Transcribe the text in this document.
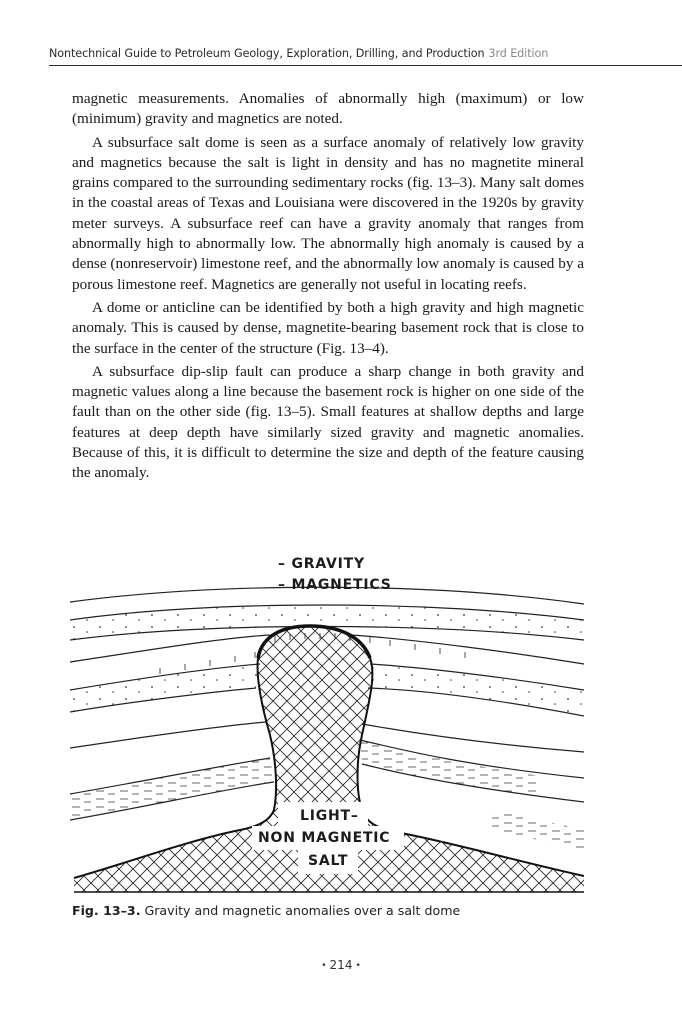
Nontechnical Guide to Petroleum Geology, Exploration, Drilling, and Production 3rd Edition

magnetic measurements. Anomalies of abnormally high (maximum) or low (minimum) gravity and magnetics are noted.

A subsurface salt dome is seen as a surface anomaly of relatively low gravity and magnetics because the salt is light in density and has no magnetite mineral grains compared to the surrounding sedimentary rocks (fig. 13–3). Many salt domes in the coastal areas of Texas and Louisiana were discovered in the 1920s by gravity meter surveys. A subsurface reef can have a gravity anomaly that ranges from abnormally high to abnormally low. The abnormally high anomaly is caused by a dense (nonreservoir) limestone reef, and the abnormally low anomaly is caused by a porous limestone reef. Magnetics are generally not useful in locating reefs.

A dome or anticline can be identified by both a high gravity and high magnetic anomaly. This is caused by dense, magnetite-bearing basement rock that is close to the surface in the center of the structure (Fig. 13–4).

A subsurface dip-slip fault can produce a sharp change in both gravity and magnetic values along a line because the basement rock is higher on one side of the fault than on the other side (fig. 13–5). Small features at shallow depths and large features at deep depth have similarly sized gravity and magnetic anomalies. Because of this, it is difficult to determine the size and depth of the feature causing the anomaly.

– GRAVITY
– MAGNETICS
LIGHT–
NON MAGNETIC
SALT
Fig. 13–3. Gravity and magnetic anomalies over a salt dome
• 214 •
